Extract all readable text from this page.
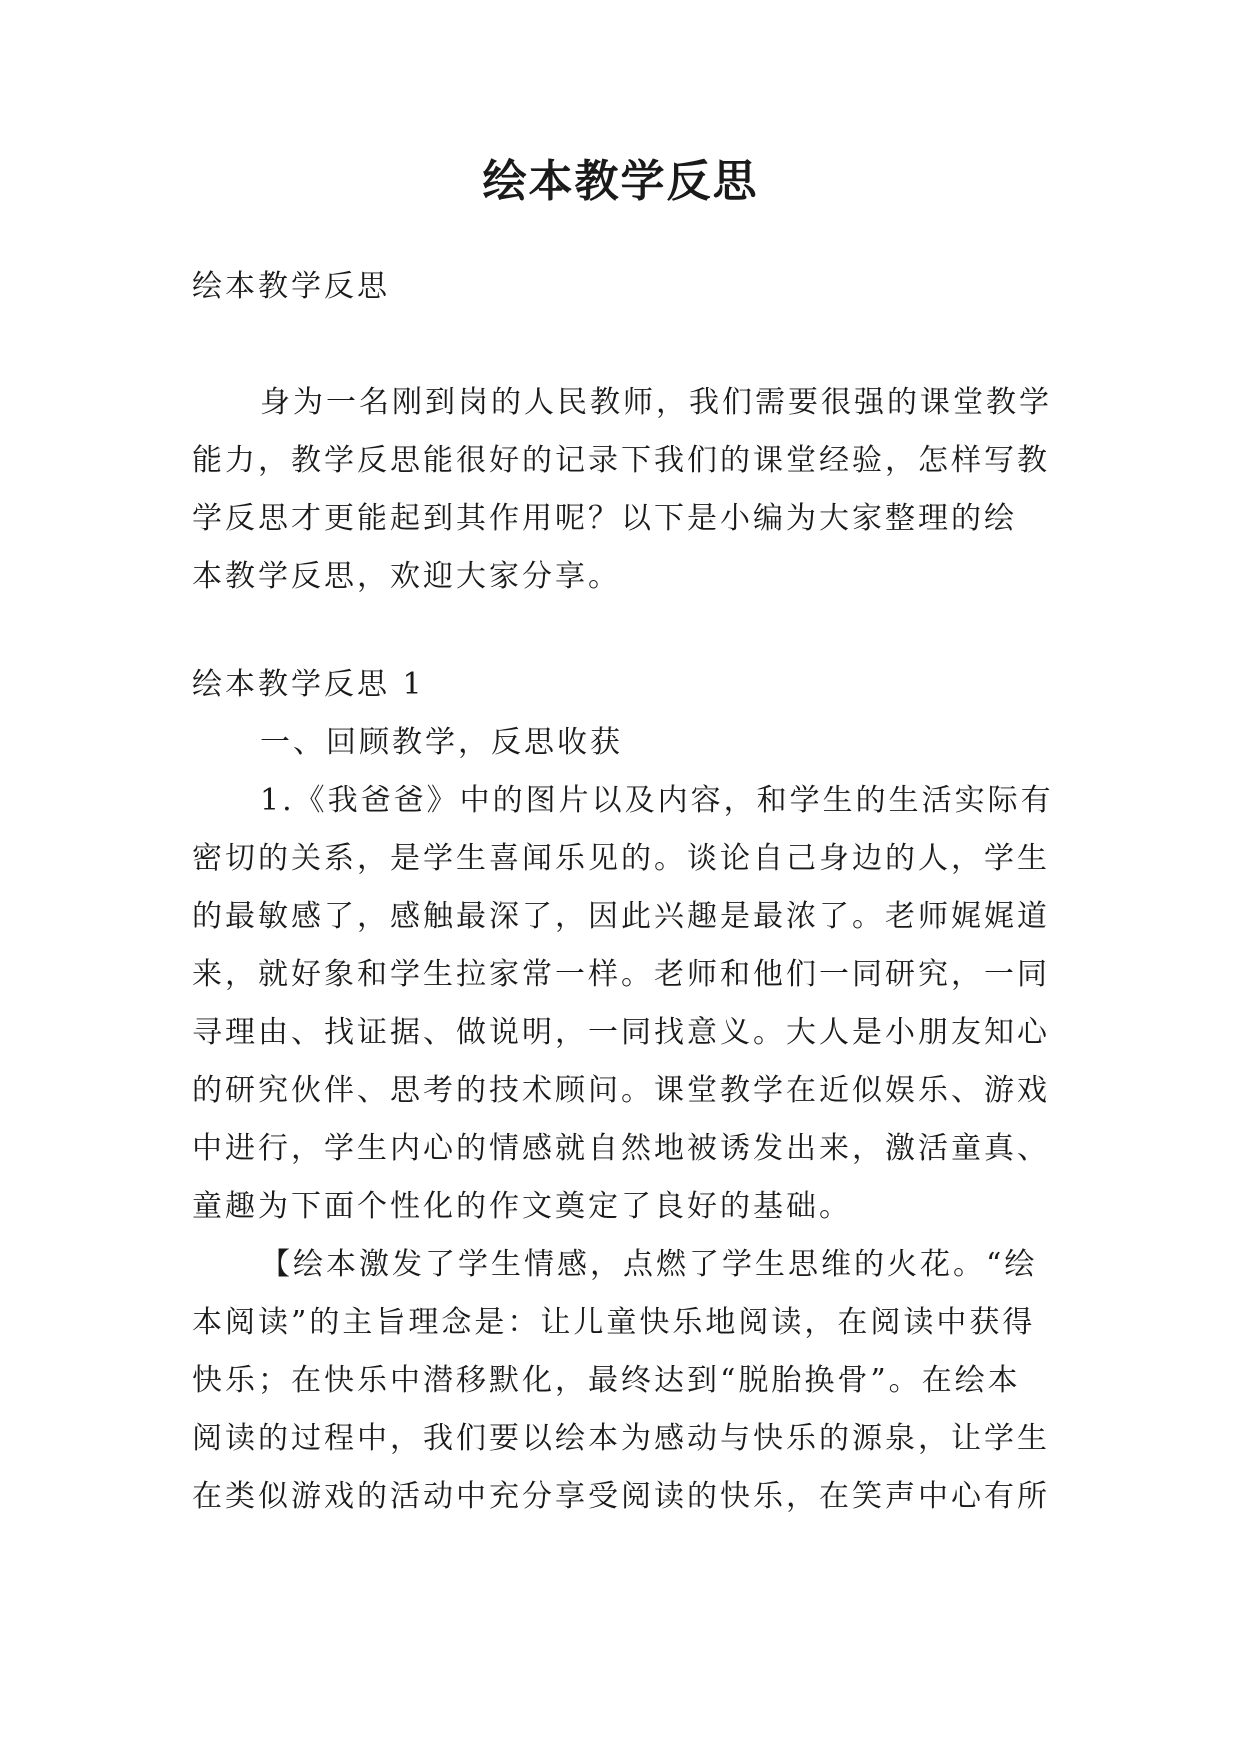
绘本教学反思

绘本教学反思

身为一名刚到岗的人民教师，我们需要很强的课堂教学

能力，教学反思能很好的记录下我们的课堂经验，怎样写教

学反思才更能起到其作用呢？以下是小编为大家整理的绘

本教学反思，欢迎大家分享。

绘本教学反思 1

一、回顾教学，反思收获

1.《我爸爸》中的图片以及内容，和学生的生活实际有

密切的关系，是学生喜闻乐见的。谈论自己身边的人，学生

的最敏感了，感触最深了，因此兴趣是最浓了。老师娓娓道

来，就好象和学生拉家常一样。老师和他们一同研究，一同

寻理由、找证据、做说明，一同找意义。大人是小朋友知心

的研究伙伴、思考的技术顾问。课堂教学在近似娱乐、游戏

中进行，学生内心的情感就自然地被诱发出来，激活童真、

童趣为下面个性化的作文奠定了良好的基础。

【绘本激发了学生情感，点燃了学生思维的火花。“绘

本阅读”的主旨理念是：让儿童快乐地阅读，在阅读中获得

快乐；在快乐中潜移默化，最终达到“脱胎换骨”。在绘本

阅读的过程中，我们要以绘本为感动与快乐的源泉，让学生

在类似游戏的活动中充分享受阅读的快乐，在笑声中心有所
